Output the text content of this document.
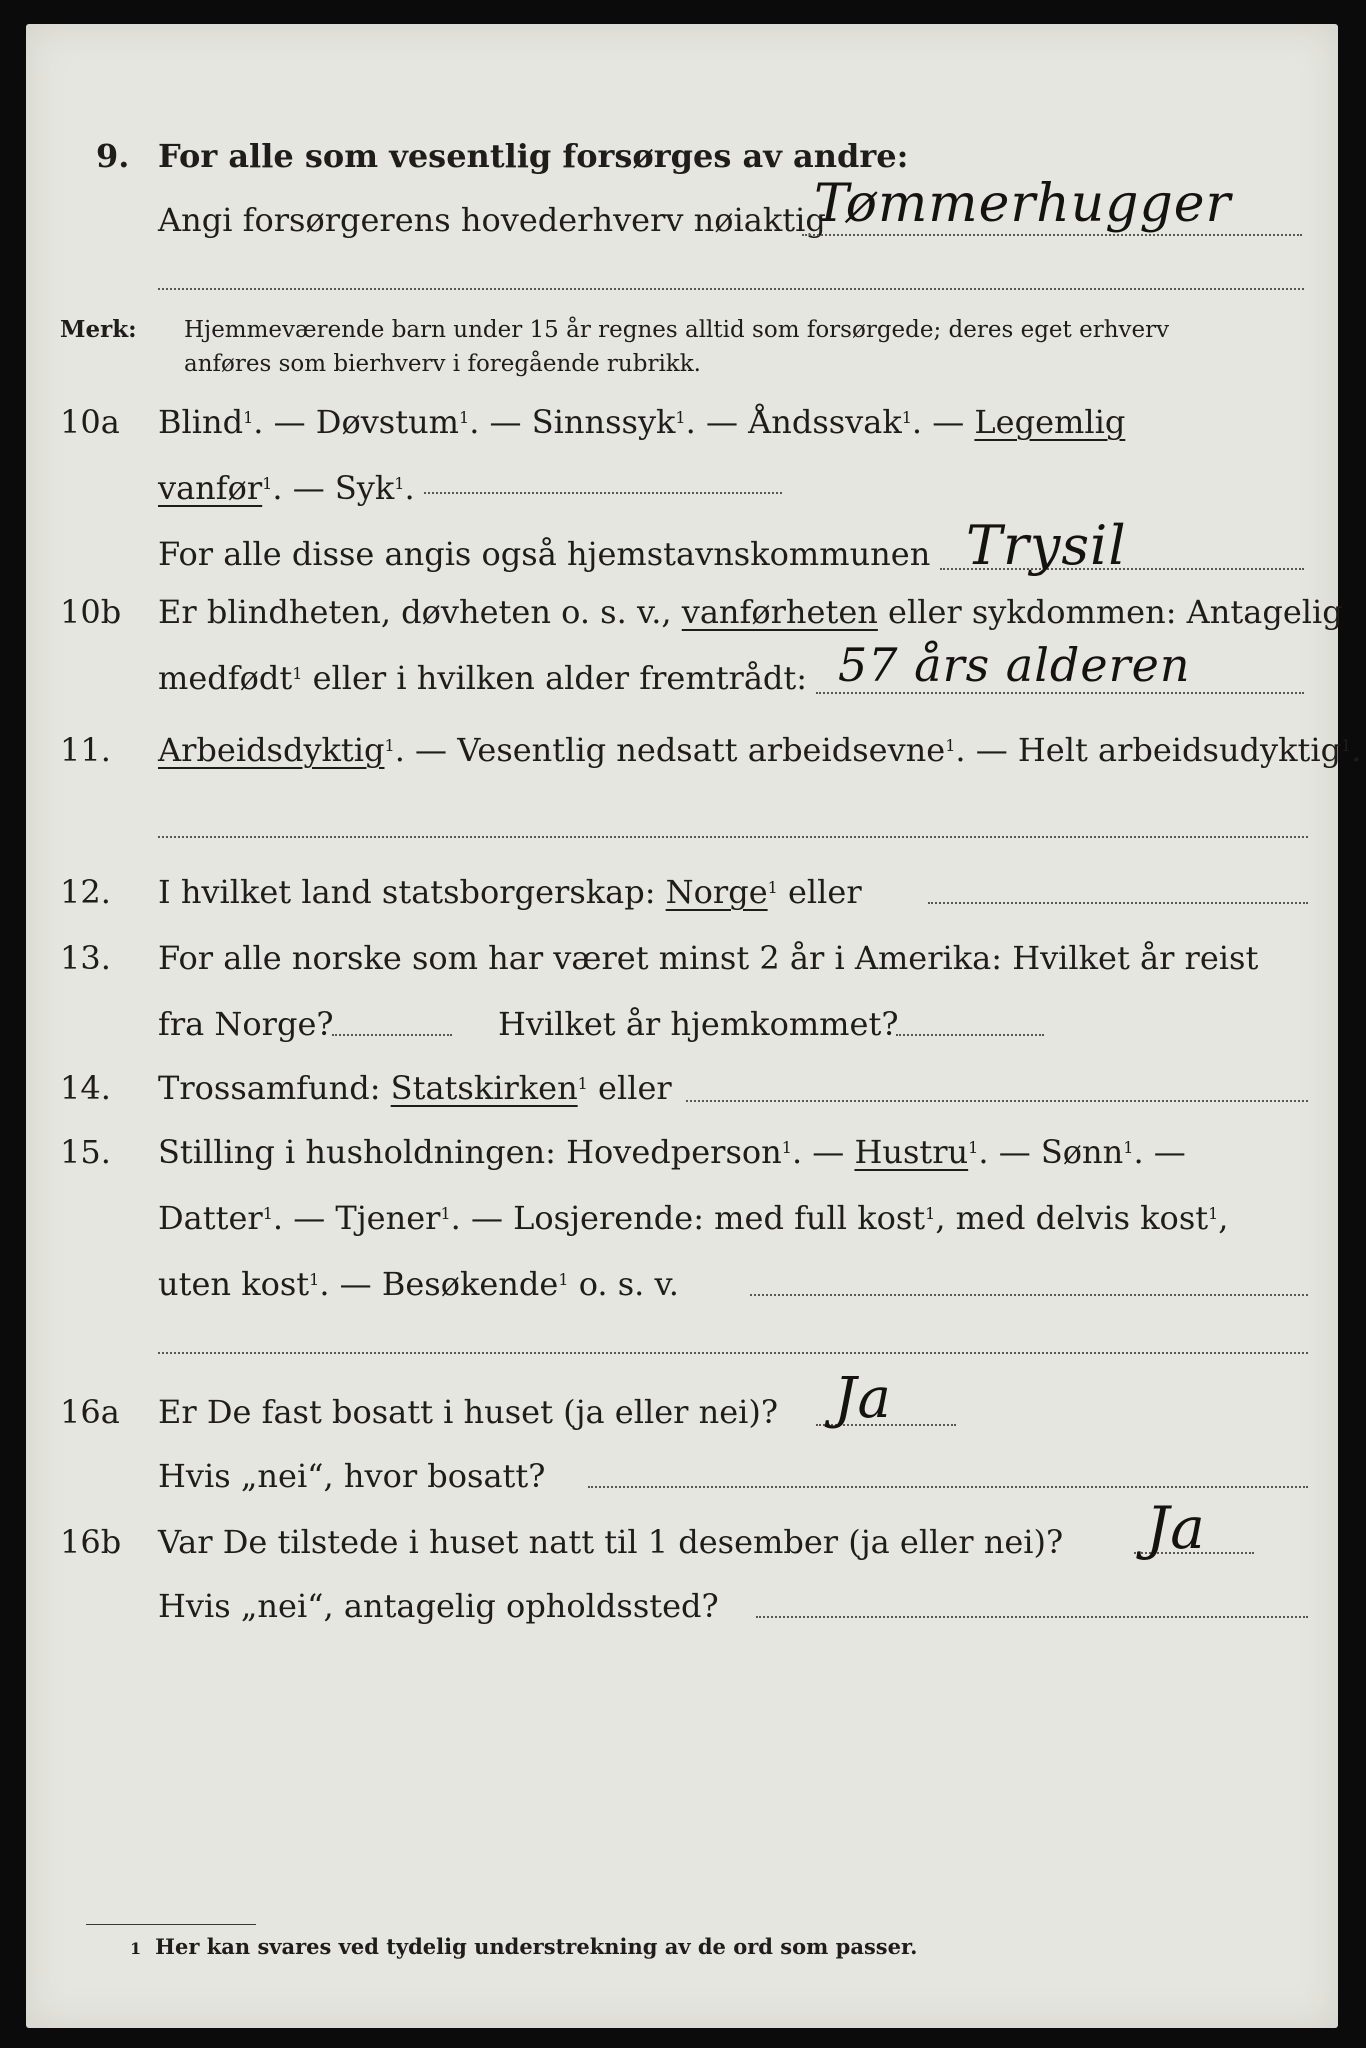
9. For alle som vesentlig forsørges av andre:
Angi forsørgerens hovederhverv nøiaktig
Tømmerhugger
Merk: Hjemmeværende barn under 15 år regnes alltid som forsørgede; deres eget erhverv
anføres som bierhverv i foregående rubrikk.
10a Blind$^1$. — Døvstum$^1$. — Sinnssyk$^1$. — Åndssvak$^1$. — Legemlig
vanfør$^1$. — Syk$^1$.
For alle disse angis også hjemstavnskommunen Trysil
10b Er blindheten, døvheten o. s. v., vanførheten eller sykdommen: Antagelig
medfødt$^1$ eller i hvilken alder fremtrådt: 57 års alderen
11. Arbeidsdyktig$^1$. — Vesentlig nedsatt arbeidsevne$^1$. — Helt arbeidsudyktig$^1$.
12. I hvilket land statsborgerskap: Norge$^1$ eller
13. For alle norske som har været minst 2 år i Amerika: Hvilket år reist
fra Norge?	Hvilket år hjemkommet?
14. Trossamfund: Statskirken$^1$ eller
15. Stilling i husholdningen: Hovedperson$^1$. — Hustru$^1$. — Sønn$^1$. —
Datter$^1$. — Tjener$^1$. — Losjerende: med full kost$^1$, med delvis kost$^1$,
uten kost$^1$. — Besøkende$^1$ o. s. v.
16a Er De fast bosatt i huset (ja eller nei)? Ja
Hvis „nei“, hvor bosatt?
16b Var De tilstede i huset natt til 1 desember (ja eller nei)? Ja
Hvis „nei“, antagelig opholdssted?
1 Her kan svares ved tydelig understrekning av de ord som passer.
